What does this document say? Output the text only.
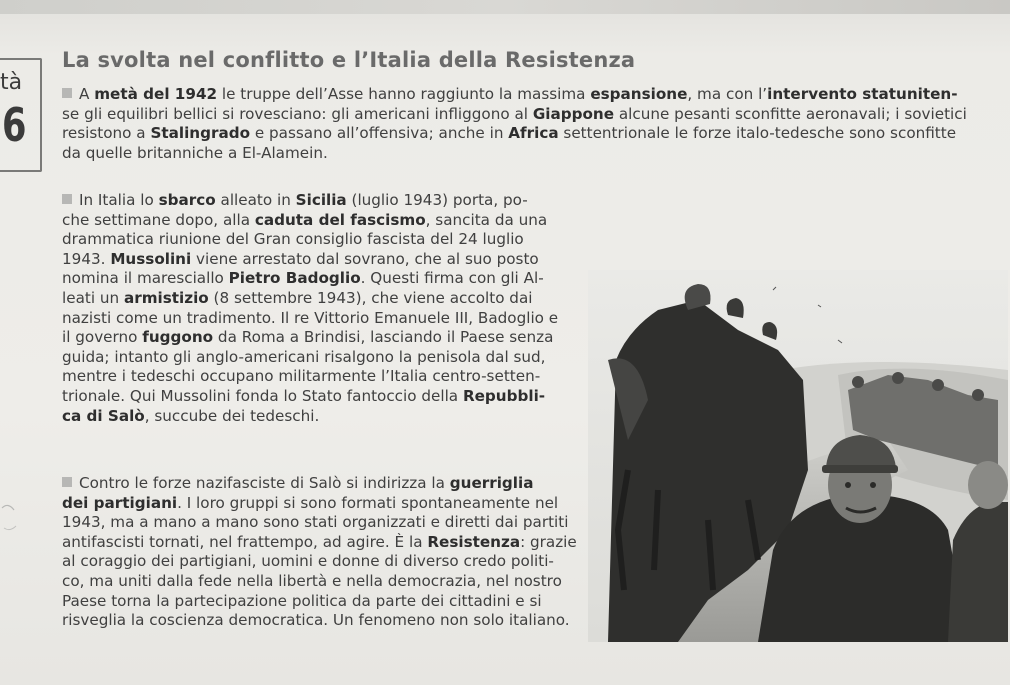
tà
6
La svolta nel conflitto e l’Italia della Resistenza
A metà del 1942 le truppe dell’Asse hanno raggiunto la massima espansione, ma con l’intervento statuniten-
se gli equilibri bellici si rovesciano: gli americani infliggono al Giappone alcune pesanti sconfitte aeronavali; i sovietici
resistono a Stalingrado e passano all’offensiva; anche in Africa settentrionale le forze italo-tedesche sono sconfitte
da quelle britanniche a El-Alamein.
In Italia lo sbarco alleato in Sicilia (luglio 1943) porta, po-
che settimane dopo, alla caduta del fascismo, sancita da una
drammatica riunione del Gran consiglio fascista del 24 luglio
1943. Mussolini viene arrestato dal sovrano, che al suo posto
nomina il maresciallo Pietro Badoglio. Questi firma con gli Al-
leati un armistizio (8 settembre 1943), che viene accolto dai
nazisti come un tradimento. Il re Vittorio Emanuele III, Badoglio e
il governo fuggono da Roma a Brindisi, lasciando il Paese senza
guida; intanto gli anglo-americani risalgono la penisola dal sud,
mentre i tedeschi occupano militarmente l’Italia centro-setten-
trionale. Qui Mussolini fonda lo Stato fantoccio della Repubbli-
ca di Salò, succube dei tedeschi.
Contro le forze nazifasciste di Salò si indirizza la guerriglia
dei partigiani. I loro gruppi si sono formati spontaneamente nel
1943, ma a mano a mano sono stati organizzati e diretti dai partiti
antifascisti tornati, nel frattempo, ad agire. È la Resistenza: grazie
al coraggio dei partigiani, uomini e donne di diverso credo politi-
co, ma uniti dalla fede nella libertà e nella democrazia, nel nostro
Paese torna la partecipazione politica da parte dei cittadini e si
risveglia la coscienza democratica. Un fenomeno non solo italiano.
